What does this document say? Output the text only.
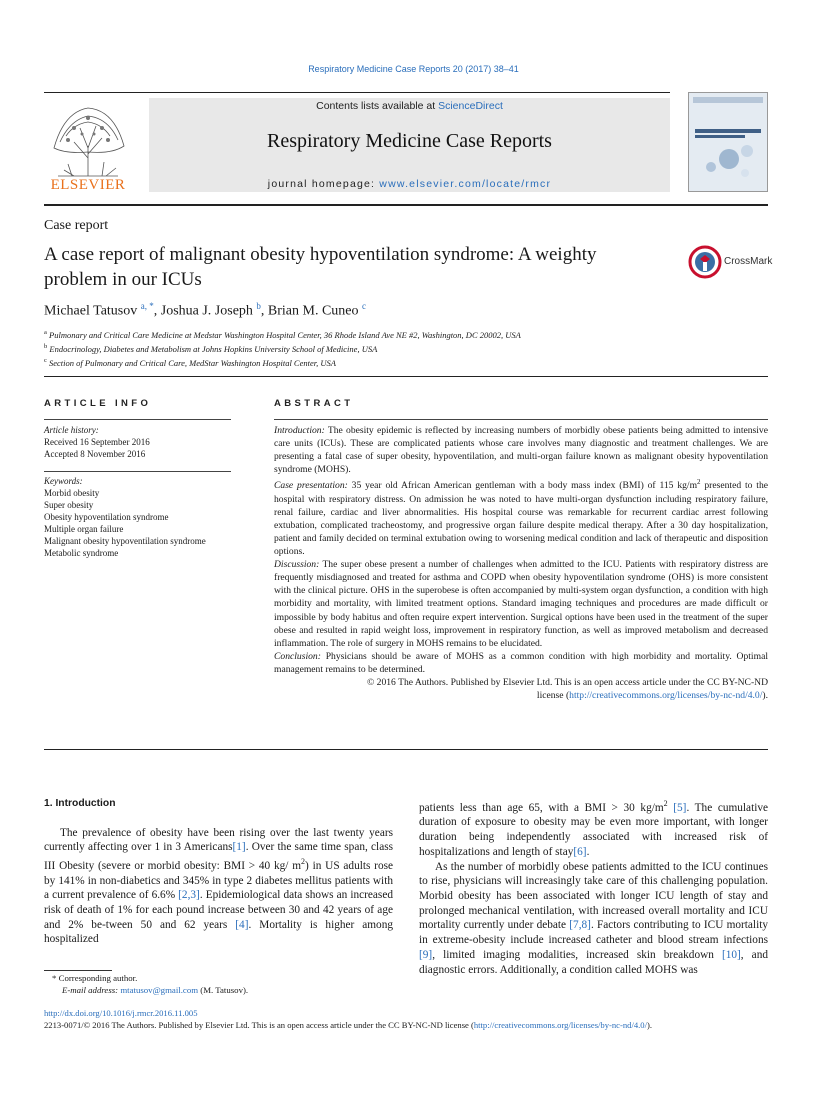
Respiratory Medicine Case Reports 20 (2017) 38–41
ELSEVIER
Contents lists available at ScienceDirect
Respiratory Medicine Case Reports
journal homepage: www.elsevier.com/locate/rmcr
Case report
A case report of malignant obesity hypoventilation syndrome: A weighty problem in our ICUs
CrossMark
Michael Tatusov $^{a, *}$, Joshua J. Joseph $^b$, Brian M. Cuneo $^c$
$^a$ Pulmonary and Critical Care Medicine at Medstar Washington Hospital Center, 36 Rhode Island Ave NE #2, Washington, DC 20002, USA
$^b$ Endocrinology, Diabetes and Metabolism at Johns Hopkins University School of Medicine, USA
$^c$ Section of Pulmonary and Critical Care, MedStar Washington Hospital Center, USA
ARTICLE INFO
Article history:
Received 16 September 2016
Accepted 8 November 2016
Keywords:
Morbid obesity
Super obesity
Obesity hypoventilation syndrome
Multiple organ failure
Malignant obesity hypoventilation syndrome
Metabolic syndrome
ABSTRACT

Introduction: The obesity epidemic is reflected by increasing numbers of morbidly obese patients being admitted to intensive care units (ICUs). These are complicated patients whose care involves many diagnostic and treatment challenges. We are presenting a fatal case of super obesity, hypoventilation, and multi-organ failure known as malignant obesity hypoventilation syndrome (MOHS).

Case presentation: 35 year old African American gentleman with a body mass index (BMI) of 115 $kg/m^2$ presented to the hospital with respiratory distress. On admission he was noted to have multi-organ dysfunction including respiratory failure, renal failure, cardiac and liver abnormalities. His hospital course was remarkable for recurrent cardiac arrest following extubation, complicated tracheostomy, and progressive organ failure despite medical therapy. After a 30 day hospitalization, patient and family decided on terminal extubation owing to worsening medical condition and lack of therapeutic and disposition options.

Discussion: The super obese present a number of challenges when admitted to the ICU. Patients with respiratory distress are frequently misdiagnosed and treated for asthma and COPD when obesity hypoventilation syndrome (OHS) is more consistent with the clinical picture. OHS in the superobese is often accompanied by multi-system organ dysfunction, a condition with high morbidity and mortality, with limited treatment options. Standard imaging techniques and procedures are made difficult or impossible by body habitus and often require expert intervention. Surgical options have been used in the treatment of the super obese and resulted in rapid weight loss, improvement in respiratory function, as well as improved metabolism and decreased inflammation. The role of surgery in MOHS remains to be elucidated.

Conclusion: Physicians should be aware of MOHS as a common condition with high morbidity and mortality. Optimal management remains to be determined.

© 2016 The Authors. Published by Elsevier Ltd. This is an open access article under the CC BY-NC-ND
license (http://creativecommons.org/licenses/by-nc-nd/4.0/).

1. Introduction

The prevalence of obesity have been rising over the last twenty years currently affecting over 1 in 3 Americans[1]. Over the same time span, class III Obesity (severe or morbid obesity: BMI > 40 kg/ $m^2$) in US adults rose by 141% in non-diabetics and 345% in type 2 diabetes mellitus patients with a current prevalence of 6.6% [2,3]. Epidemiological data shows an increased risk of death of 1% for each pound increase between 30 and 42 years of age and 2% be-tween 50 and 62 years [4]. Mortality is higher among hospitalized

patients less than age 65, with a BMI > 30 $kg/m^2$ [5]. The cumulative duration of exposure to obesity may be even more important, with longer duration being independently associated with increased risk of hospitalizations and length of stay[6].

As the number of morbidly obese patients admitted to the ICU continues to rise, physicians will increasingly take care of this challenging population. Morbid obesity has been associated with longer ICU length of stay and prolonged mechanical ventilation, with increased overall mortality and ICU mortality currently under debate [7,8]. Factors contributing to ICU mortality in extreme-obesity include increased catheter and blood stream infections [9], limited imaging modalities, increased skin breakdown [10], and diagnostic errors. Additionally, a condition called MOHS was

* Corresponding author.
E-mail address: mtatusov@gmail.com (M. Tatusov).
http://dx.doi.org/10.1016/j.rmcr.2016.11.005
2213-0071/© 2016 The Authors. Published by Elsevier Ltd. This is an open access article under the CC BY-NC-ND license (http://creativecommons.org/licenses/by-nc-nd/4.0/).
